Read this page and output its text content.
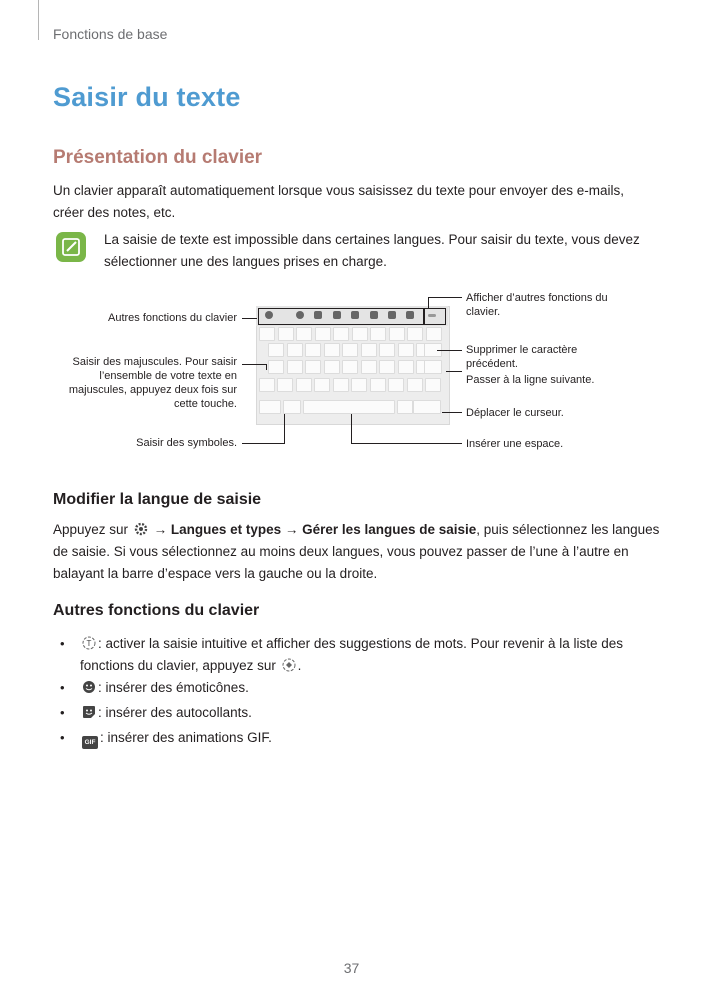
Fonctions de base
Saisir du texte
Présentation du clavier
Un clavier apparaît automatiquement lorsque vous saisissez du texte pour envoyer des e-mails, créer des notes, etc.
La saisie de texte est impossible dans certaines langues. Pour saisir du texte, vous devez sélectionner une des langues prises en charge.
Autres fonctions du clavier
Saisir des majuscules. Pour saisir l’ensemble de votre texte en majuscules, appuyez deux fois sur cette touche.
Saisir des symboles.
Afficher d’autres fonctions du clavier.
Supprimer le caractère précédent.
Passer à la ligne suivante.
Déplacer le curseur.
Insérer une espace.
Modifier la langue de saisie
Appuyez sur → Langues et types → Gérer les langues de saisie, puis sélectionnez les langues
de saisie. Si vous sélectionnez au moins deux langues, vous pouvez passer de l’une à l’autre en
balayant la barre d’espace vers la gauche ou la droite.
Autres fonctions du clavier
•	T : activer la saisie intuitive et afficher des suggestions de mots. Pour revenir à la liste des
fonctions du clavier, appuyez sur .
•	: insérer des émoticônes.
•	: insérer des autocollants.
•	GIF : insérer des animations GIF.
37
